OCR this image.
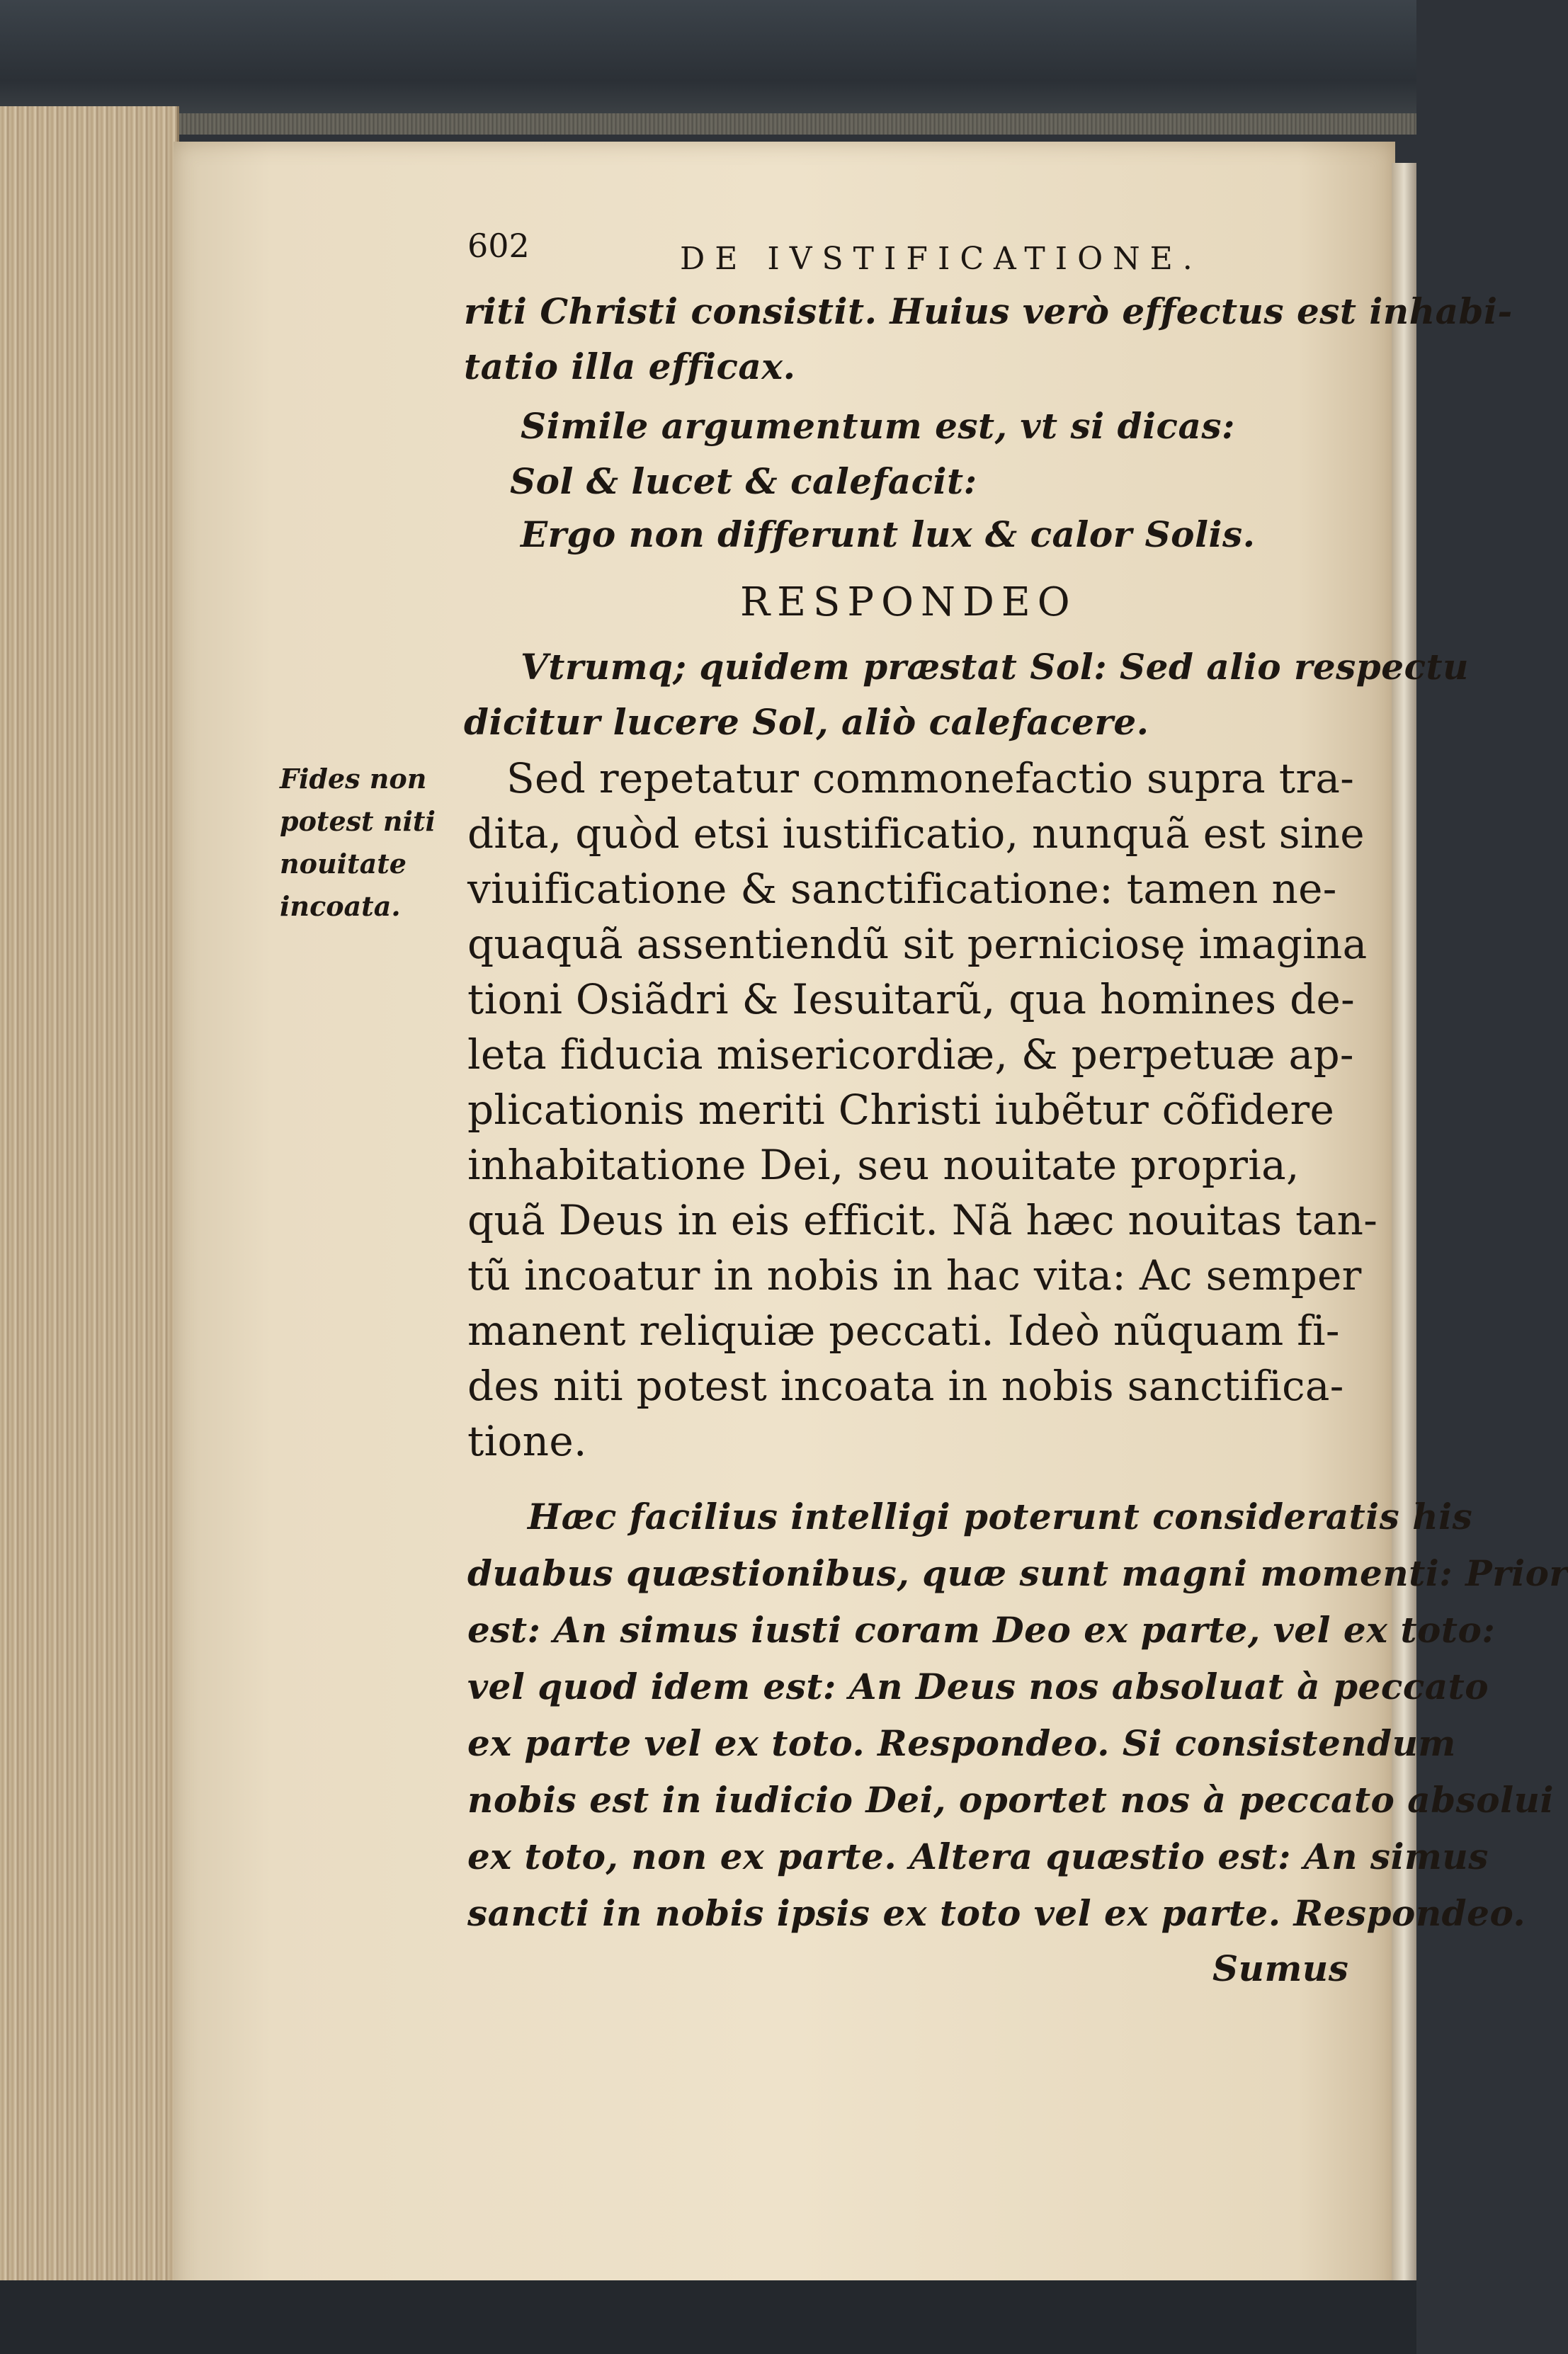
602	DE IVSTIFICATIONE.
riti Christi consistit. Huius verò effectus est inhabi-
tatio illa efficax.
Simile argumentum est, vt si dicas:
Sol & lucet & calefacit:
Ergo non differunt lux & calor Solis.
RESPONDEO
Vtrumq; quidem præstat Sol: Sed alio respectu
dicitur lucere Sol, aliò calefacere.
Fides non
potest niti
nouitate
incoata.
Sed repetatur commonefactio supra tra-
dita, quòd etsi iustificatio, nunquã est sine
viuificatione & sanctificatione: tamen ne-
quaquã assentiendũ sit perniciosę imagina
tioni Osiãdri & Iesuitarũ, qua homines de-
leta fiducia misericordiæ, & perpetuæ ap-
plicationis meriti Christi iubẽtur cõfidere
inhabitatione Dei, seu nouitate propria,
quã Deus in eis efficit. Nã hæc nouitas tan-
tũ incoatur in nobis in hac vita: Ac semper
manent reliquiæ peccati. Ideò nũquam fi-
des niti potest incoata in nobis sanctifica-
tione.
Hæc facilius intelligi poterunt consideratis his
duabus quæstionibus, quæ sunt magni momenti: Prior
est: An simus iusti coram Deo ex parte, vel ex toto:
vel quod idem est: An Deus nos absoluat à peccato
ex parte vel ex toto. Respondeo. Si consistendum
nobis est in iudicio Dei, oportet nos à peccato absolui
ex toto, non ex parte. Altera quæstio est: An simus
sancti in nobis ipsis ex toto vel ex parte. Respondeo.
Sumus
